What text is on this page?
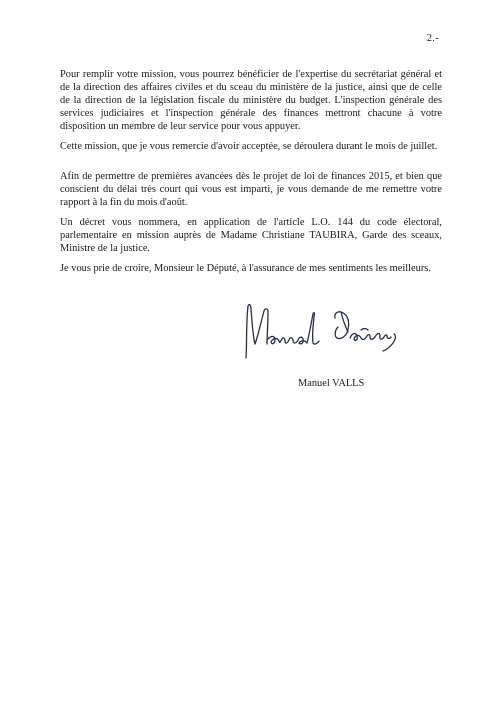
2.-

Pour remplir votre mission, vous pourrez bénéficier de l'expertise du secrétariat général et de la direction des affaires civiles et du sceau du ministère de la justice, ainsi que de celle de la direction de la législation fiscale du ministère du budget. L'inspection générale des services judiciaires et l'inspection générale des finances mettront chacune à votre disposition un membre de leur service pour vous appuyer.

Cette mission, que je vous remercie d'avoir acceptée, se déroulera durant le mois de juillet.

Afin de permettre de premières avancées dès le projet de loi de finances 2015, et bien que conscient du délai très court qui vous est imparti, je vous demande de me remettre votre rapport à la fin du mois d'août.

Un décret vous nommera, en application de l'article L.O. 144 du code électoral, parlementaire en mission auprès de Madame Christiane TAUBIRA, Garde des sceaux, Ministre de la justice.

Je vous prie de croire, Monsieur le Député, à l'assurance de mes sentiments les meilleurs.

Manuel VALLS
